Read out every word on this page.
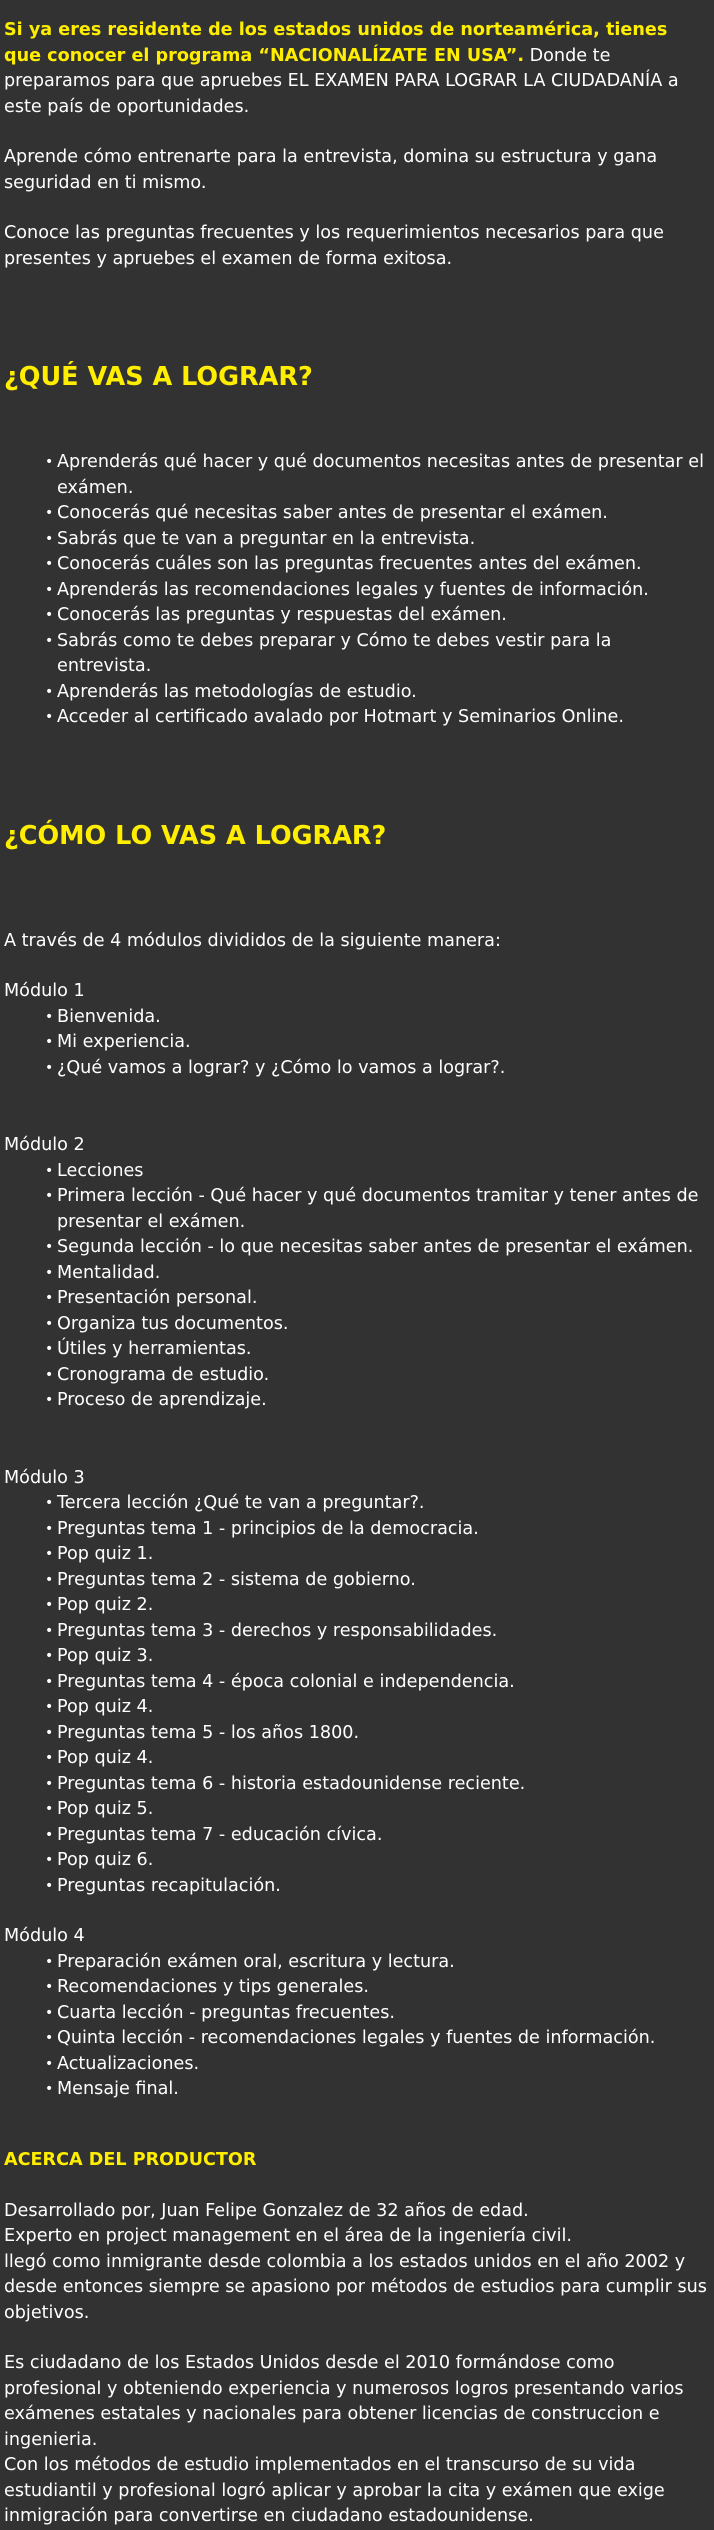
Si ya eres residente de los estados unidos de norteamérica, tienes que conocer el programa “NACIONALÍZATE EN USA”. Donde te preparamos para que apruebes EL EXAMEN PARA LOGRAR LA CIUDADANÍA a este país de oportunidades.

Aprende cómo entrenarte para la entrevista, domina su estructura y gana seguridad en ti mismo.

Conoce las preguntas frecuentes y los requerimientos necesarios para que presentes y apruebes el examen de forma exitosa.

¿QUÉ VAS A LOGRAR?
• Aprenderás qué hacer y qué documentos necesitas antes de presentar el exámen.
• Conocerás qué necesitas saber antes de presentar el exámen.
• Sabrás que te van a preguntar en la entrevista.
• Conocerás cuáles son las preguntas frecuentes antes del exámen.
• Aprenderás las recomendaciones legales y fuentes de información.
• Conocerás las preguntas y respuestas del exámen.
• Sabrás como te debes preparar y Cómo te debes vestir para la entrevista.
• Aprenderás las metodologías de estudio.
• Acceder al certificado avalado por Hotmart y Seminarios Online.
¿CÓMO LO VAS A LOGRAR?

A través de 4 módulos divididos de la siguiente manera:

Módulo 1

• Bienvenida.
• Mi experiencia.
• ¿Qué vamos a lograr? y ¿Cómo lo vamos a lograr?.

Módulo 2

• Lecciones
• Primera lección - Qué hacer y qué documentos tramitar y tener antes de presentar el exámen.
• Segunda lección - lo que necesitas saber antes de presentar el exámen.
• Mentalidad.
• Presentación personal.
• Organiza tus documentos.
• Útiles y herramientas.
• Cronograma de estudio.
• Proceso de aprendizaje.

Módulo 3

• Tercera lección ¿Qué te van a preguntar?.
• Preguntas tema 1 - principios de la democracia.
• Pop quiz 1.
• Preguntas tema 2 - sistema de gobierno.
• Pop quiz 2.
• Preguntas tema 3 - derechos y responsabilidades.
• Pop quiz 3.
• Preguntas tema 4 - época colonial e independencia.
• Pop quiz 4.
• Preguntas tema 5 - los años 1800.
• Pop quiz 4.
• Preguntas tema 6 - historia estadounidense reciente.
• Pop quiz 5.
• Preguntas tema 7 - educación cívica.
• Pop quiz 6.
• Preguntas recapitulación.

Módulo 4

• Preparación exámen oral, escritura y lectura.
• Recomendaciones y tips generales.
• Cuarta lección - preguntas frecuentes.
• Quinta lección - recomendaciones legales y fuentes de información.
• Actualizaciones.
• Mensaje final.
ACERCA DEL PRODUCTOR

Desarrollado por, Juan Felipe Gonzalez de 32 años de edad.

Experto en project management en el área de la ingeniería civil.

llegó como inmigrante desde colombia a los estados unidos en el año 2002 y desde entonces siempre se apasiono por métodos de estudios para cumplir sus objetivos.

Es ciudadano de los Estados Unidos desde el 2010 formándose como profesional y obteniendo experiencia y numerosos logros presentando varios exámenes estatales y nacionales para obtener licencias de construccion e ingenieria.

Con los métodos de estudio implementados en el transcurso de su vida estudiantil y profesional logró aplicar y aprobar la cita y exámen que exige inmigración para convertirse en ciudadano estadounidense.
